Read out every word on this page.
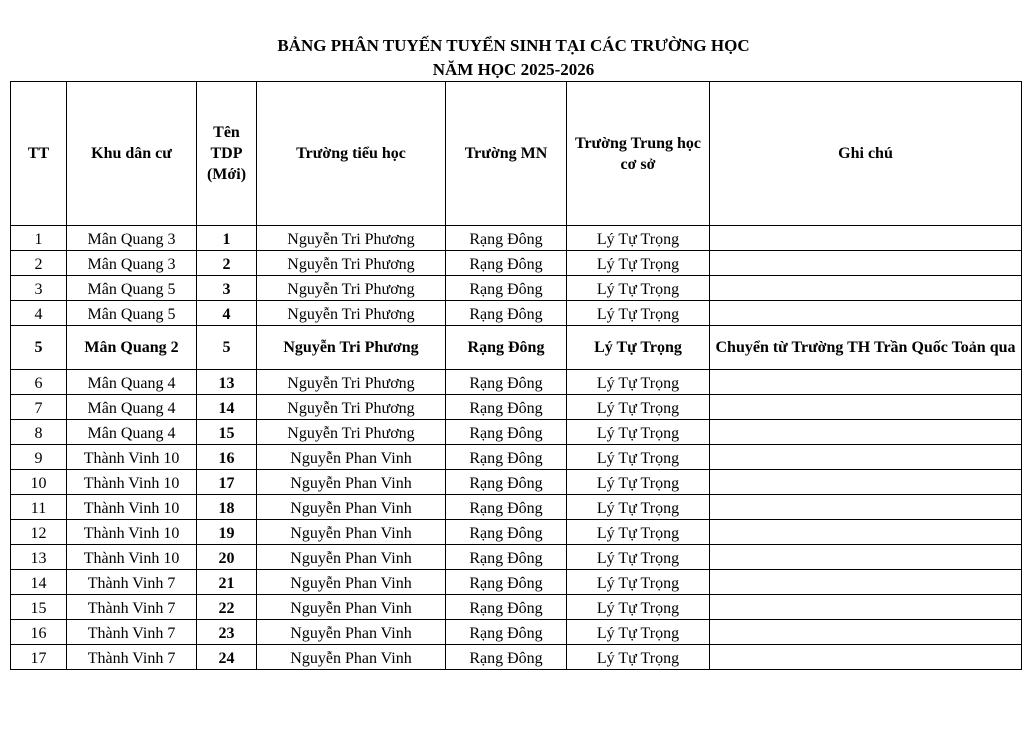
BẢNG PHÂN TUYẾN TUYỂN SINH TẠI CÁC TRƯỜNG HỌC
NĂM HỌC 2025-2026
TT	Khu dân cư	Tên TDP (Mới)	Trường tiểu học	Trường MN	Trường Trung học cơ sở	Ghi chú
1	Mân Quang 3	1	Nguyễn Tri Phương	Rạng Đông	Lý Tự Trọng	
2	Mân Quang 3	2	Nguyễn Tri Phương	Rạng Đông	Lý Tự Trọng	
3	Mân Quang 5	3	Nguyễn Tri Phương	Rạng Đông	Lý Tự Trọng	
4	Mân Quang 5	4	Nguyễn Tri Phương	Rạng Đông	Lý Tự Trọng	
5	Mân Quang 2	5	Nguyễn Tri Phương	Rạng Đông	Lý Tự Trọng	Chuyển từ Trường TH Trần Quốc Toản qua
6	Mân Quang 4	13	Nguyễn Tri Phương	Rạng Đông	Lý Tự Trọng	
7	Mân Quang 4	14	Nguyễn Tri Phương	Rạng Đông	Lý Tự Trọng	
8	Mân Quang 4	15	Nguyễn Tri Phương	Rạng Đông	Lý Tự Trọng	
9	Thành Vinh 10	16	Nguyễn Phan Vinh	Rạng Đông	Lý Tự Trọng	
10	Thành Vinh 10	17	Nguyễn Phan Vinh	Rạng Đông	Lý Tự Trọng	
11	Thành Vinh 10	18	Nguyễn Phan Vinh	Rạng Đông	Lý Tự Trọng	
12	Thành Vinh 10	19	Nguyễn Phan Vinh	Rạng Đông	Lý Tự Trọng	
13	Thành Vinh 10	20	Nguyễn Phan Vinh	Rạng Đông	Lý Tự Trọng	
14	Thành Vinh 7	21	Nguyễn Phan Vinh	Rạng Đông	Lý Tự Trọng	
15	Thành Vinh 7	22	Nguyễn Phan Vinh	Rạng Đông	Lý Tự Trọng	
16	Thành Vinh 7	23	Nguyễn Phan Vinh	Rạng Đông	Lý Tự Trọng	
17	Thành Vinh 7	24	Nguyễn Phan Vinh	Rạng Đông	Lý Tự Trọng	
